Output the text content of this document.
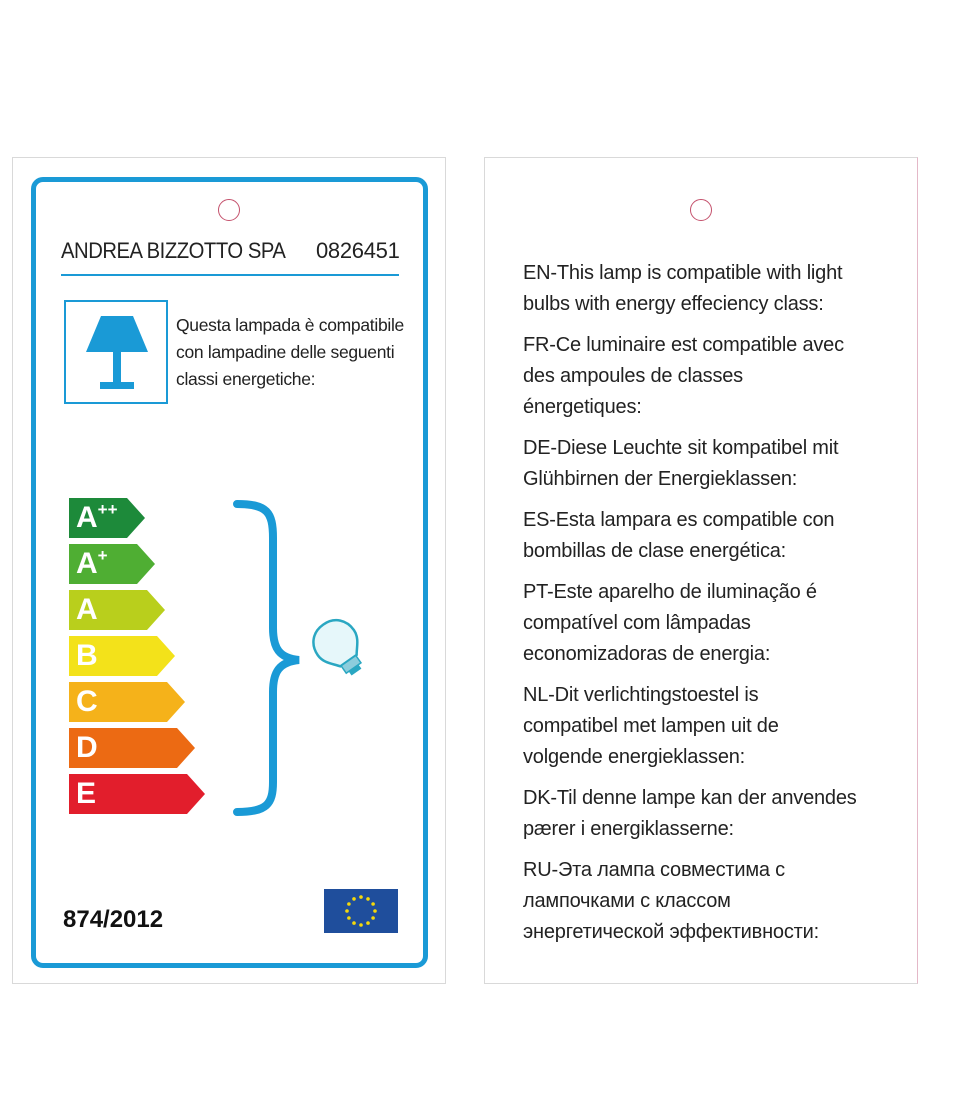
ANDREA BIZZOTTO SPA 0826451
Questa lampada è compatibile
con lampadine delle seguenti
classi energetiche:
A++
A+
A
B
C
D
E
874/2012
EN-This lamp is compatible with light
bulbs with energy effeciency class:
FR-Ce luminaire est compatible avec
des ampoules de classes
énergetiques:
DE-Diese Leuchte sit kompatibel mit
Glühbirnen der Energieklassen:
ES-Esta lampara es compatible con
bombillas de clase energética:
PT-Este aparelho de iluminação é
compatível com lâmpadas
economizadoras de energia:
NL-Dit verlichtingstoestel is
compatibel met lampen uit de
volgende energieklassen:
DK-Til denne lampe kan der anvendes
pærer i energiklasserne:
RU-Эта лампа совместима с
лампочками с классом
энергетической эффективности:
